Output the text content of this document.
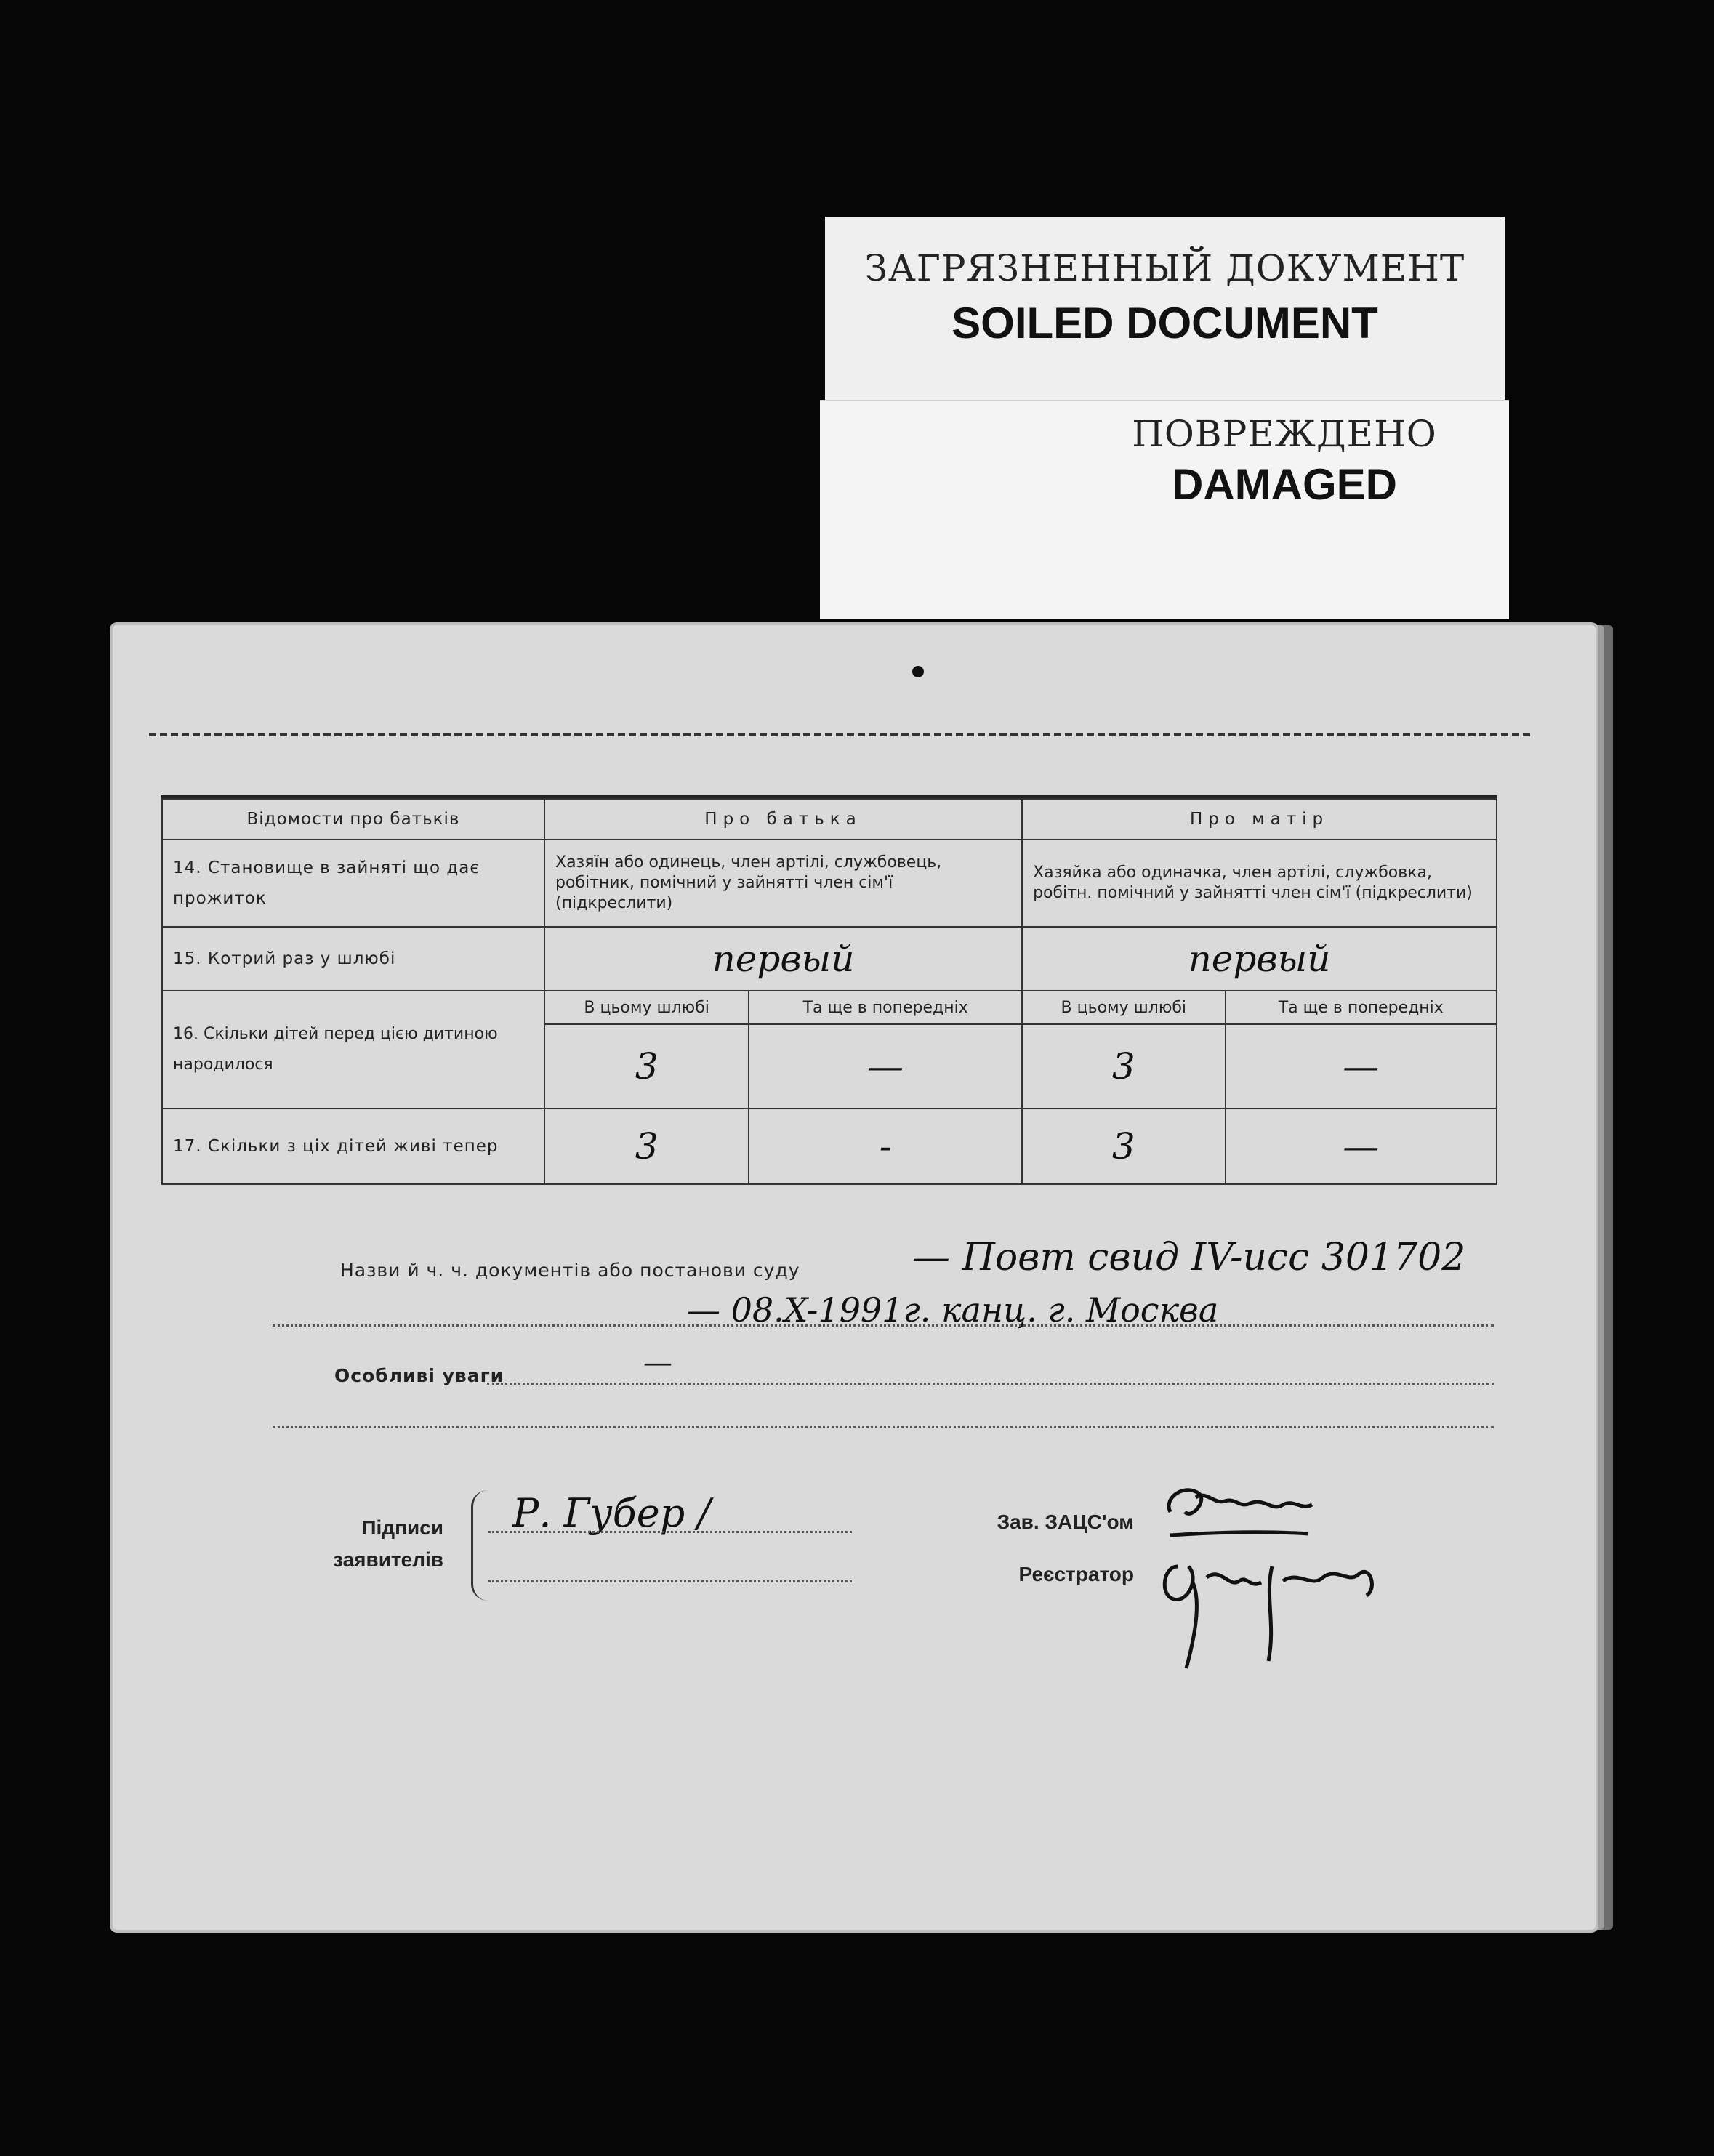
ЗАГРЯЗНЕННЫЙ ДОКУМЕНТ
SOILED DOCUMENT
ПОВРЕЖДЕНО
DAMAGED
Відомости про батьків	Про батька		Про матір	
14. Становище в зайняті що дає прожиток	Хазяїн або одинець, член артілі, службовець, робітник, помічний у зайнятті член сім'ї (підкреслити)		Хазяйка або одиначка, член артілі, службовка, робітн. помічний у зайнятті член сім'ї (підкреслити)	
15. Котрий раз у шлюбі	первый		первый	
16. Скільки дітей перед цією дитиною народилося	В цьому шлюбі	Та ще в попередніх	В цьому шлюбі	Та ще в попередніх
	3	—	3	—
17. Скільки з ціх дітей живі тепер	3	-	3	—
Назви й ч. ч. документів або постанови суду	— Повт свид IV-исс 301702
— 08.X-1991г. канц. г. Москва
Особливі уваги	—
Підписи заявителів
Р. Губер /	Зав. ЗАЦС'ом
Реєстратор
